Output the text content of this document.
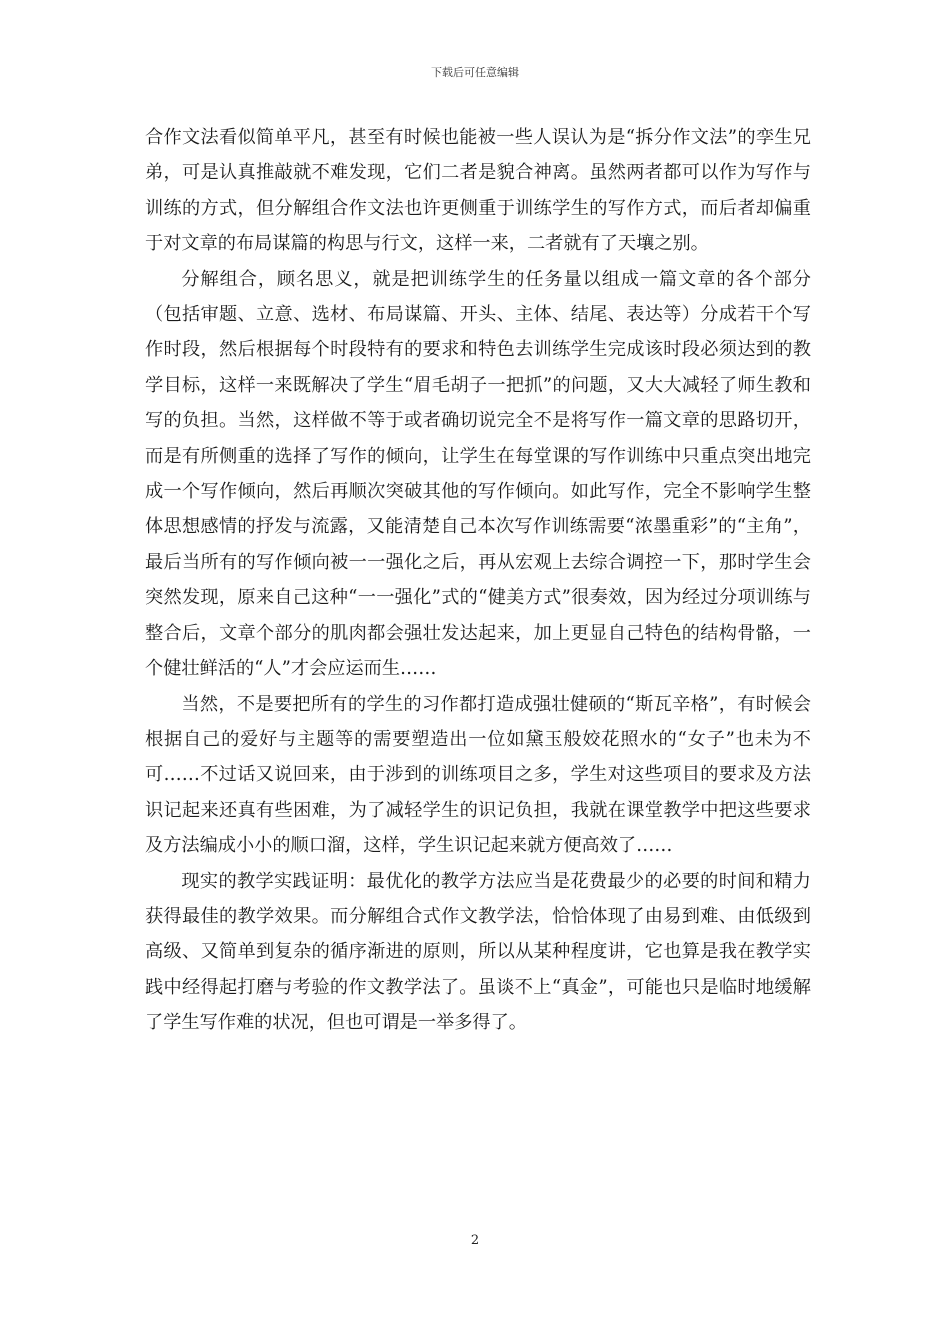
下载后可任意编辑

合作文法看似简单平凡，甚至有时候也能被一些人误认为是“拆分作文法”的孪生兄弟，可是认真推敲就不难发现，它们二者是貌合神离。虽然两者都可以作为写作与训练的方式，但分解组合作文法也许更侧重于训练学生的写作方式，而后者却偏重于对文章的布局谋篇的构思与行文，这样一来，二者就有了天壤之别。

分解组合，顾名思义，就是把训练学生的任务量以组成一篇文章的各个部分（包括审题、立意、选材、布局谋篇、开头、主体、结尾、表达等）分成若干个写作时段，然后根据每个时段特有的要求和特色去训练学生完成该时段必须达到的教学目标，这样一来既解决了学生“眉毛胡子一把抓”的问题，又大大减轻了师生教和写的负担。当然，这样做不等于或者确切说完全不是将写作一篇文章的思路切开，而是有所侧重的选择了写作的倾向，让学生在每堂课的写作训练中只重点突出地完成一个写作倾向，然后再顺次突破其他的写作倾向。如此写作，完全不影响学生整体思想感情的抒发与流露，又能清楚自己本次写作训练需要“浓墨重彩”的“主角”，最后当所有的写作倾向被一一强化之后，再从宏观上去综合调控一下，那时学生会突然发现，原来自己这种“一一强化”式的“健美方式”很奏效，因为经过分项训练与整合后，文章个部分的肌肉都会强壮发达起来，加上更显自己特色的结构骨骼，一个健壮鲜活的“人”才会应运而生……

当然，不是要把所有的学生的习作都打造成强壮健硕的“斯瓦辛格”，有时候会根据自己的爱好与主题等的需要塑造出一位如黛玉般姣花照水的“女子”也未为不可……不过话又说回来，由于涉到的训练项目之多，学生对这些项目的要求及方法识记起来还真有些困难，为了减轻学生的识记负担，我就在课堂教学中把这些要求及方法编成小小的顺口溜，这样，学生识记起来就方便高效了……

现实的教学实践证明：最优化的教学方法应当是花费最少的必要的时间和精力获得最佳的教学效果。而分解组合式作文教学法，恰恰体现了由易到难、由低级到高级、又简单到复杂的循序渐进的原则，所以从某种程度讲，它也算是我在教学实践中经得起打磨与考验的作文教学法了。虽谈不上“真金”，可能也只是临时地缓解了学生写作难的状况，但也可谓是一举多得了。

2
